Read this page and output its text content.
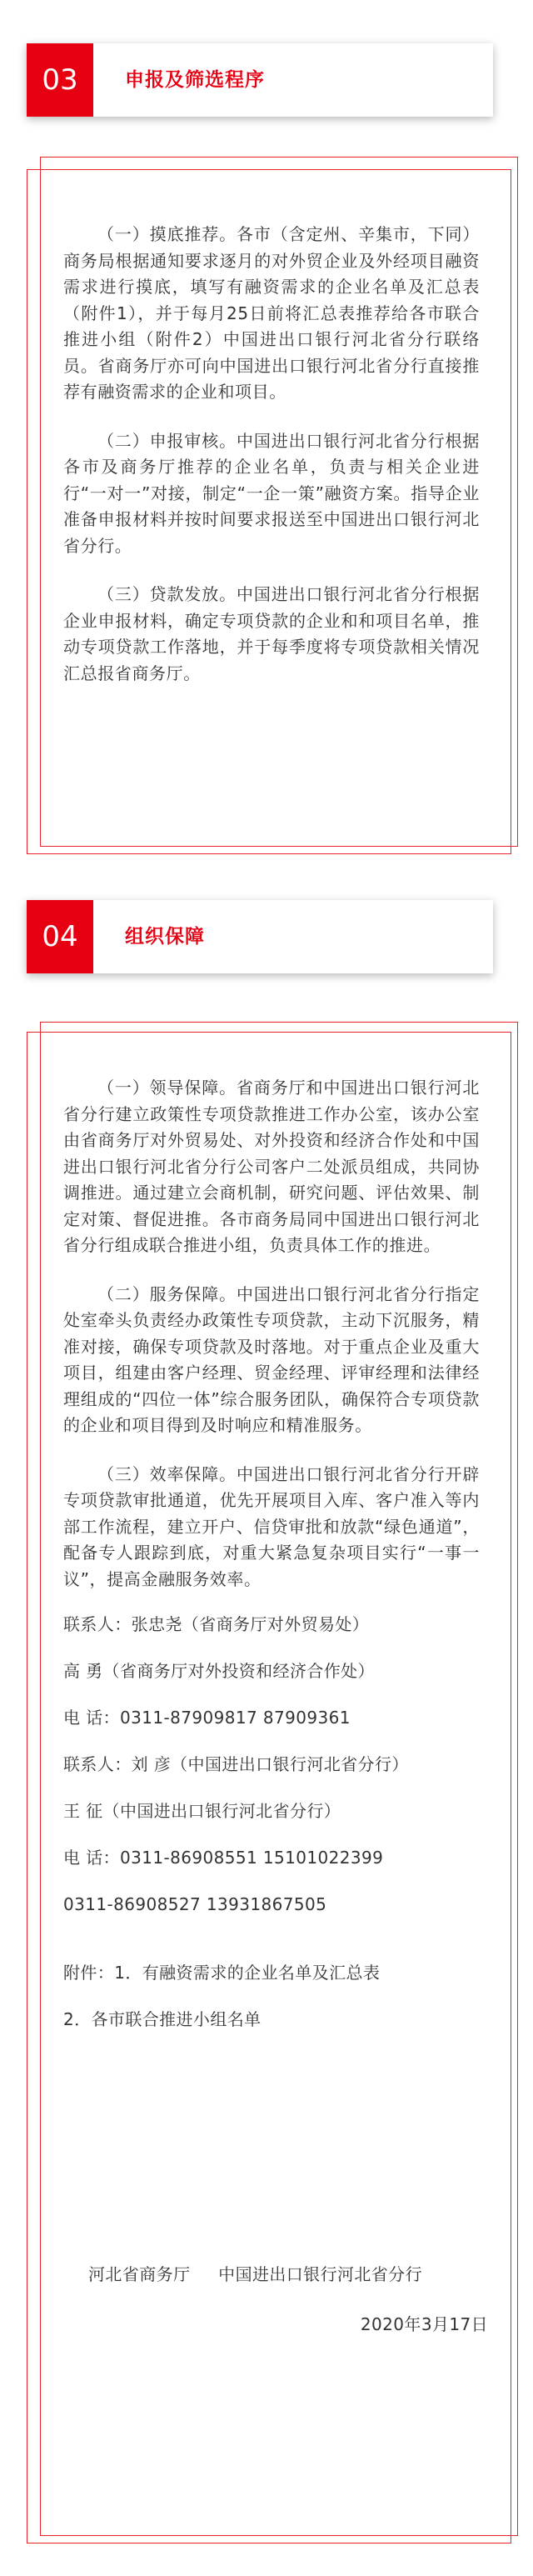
03	申报及筛选程序

（一）摸底推荐。各市（含定州、辛集市，下同）商务局根据通知要求逐月的对外贸企业及外经项目融资需求进行摸底，填写有融资需求的企业名单及汇总表（附件1），并于每月25日前将汇总表推荐给各市联合推进小组（附件2）中国进出口银行河北省分行联络员。省商务厅亦可向中国进出口银行河北省分行直接推荐有融资需求的企业和项目。

（二）申报审核。中国进出口银行河北省分行根据各市及商务厅推荐的企业名单，负责与相关企业进行“一对一”对接，制定“一企一策”融资方案。指导企业准备申报材料并按时间要求报送至中国进出口银行河北省分行。

（三）贷款发放。中国进出口银行河北省分行根据企业申报材料，确定专项贷款的企业和和项目名单，推动专项贷款工作落地，并于每季度将专项贷款相关情况汇总报省商务厅。

04	组织保障

（一）领导保障。省商务厅和中国进出口银行河北省分行建立政策性专项贷款推进工作办公室，该办公室由省商务厅对外贸易处、对外投资和经济合作处和中国进出口银行河北省分行公司客户二处派员组成，共同协调推进。通过建立会商机制，研究问题、评估效果、制定对策、督促进推。各市商务局同中国进出口银行河北省分行组成联合推进小组，负责具体工作的推进。

（二）服务保障。中国进出口银行河北省分行指定处室牵头负责经办政策性专项贷款，主动下沉服务，精准对接，确保专项贷款及时落地。对于重点企业及重大项目，组建由客户经理、贸金经理、评审经理和法律经理组成的“四位一体”综合服务团队，确保符合专项贷款的企业和项目得到及时响应和精准服务。

（三）效率保障。中国进出口银行河北省分行开辟专项贷款审批通道，优先开展项目入库、客户准入等内部工作流程，建立开户、信贷审批和放款“绿色通道”，配备专人跟踪到底，对重大紧急复杂项目实行“一事一议”，提高金融服务效率。

联系人：张忠尧（省商务厅对外贸易处）

高 勇（省商务厅对外投资和经济合作处）

电 话：0311-87909817 87909361

联系人：刘 彦（中国进出口银行河北省分行）

王 征（中国进出口银行河北省分行）

电 话：0311-86908551 15101022399

0311-86908527 13931867505

附件：1．有融资需求的企业名单及汇总表

2．各市联合推进小组名单

河北省商务厅     中国进出口银行河北省分行

2020年3月17日
